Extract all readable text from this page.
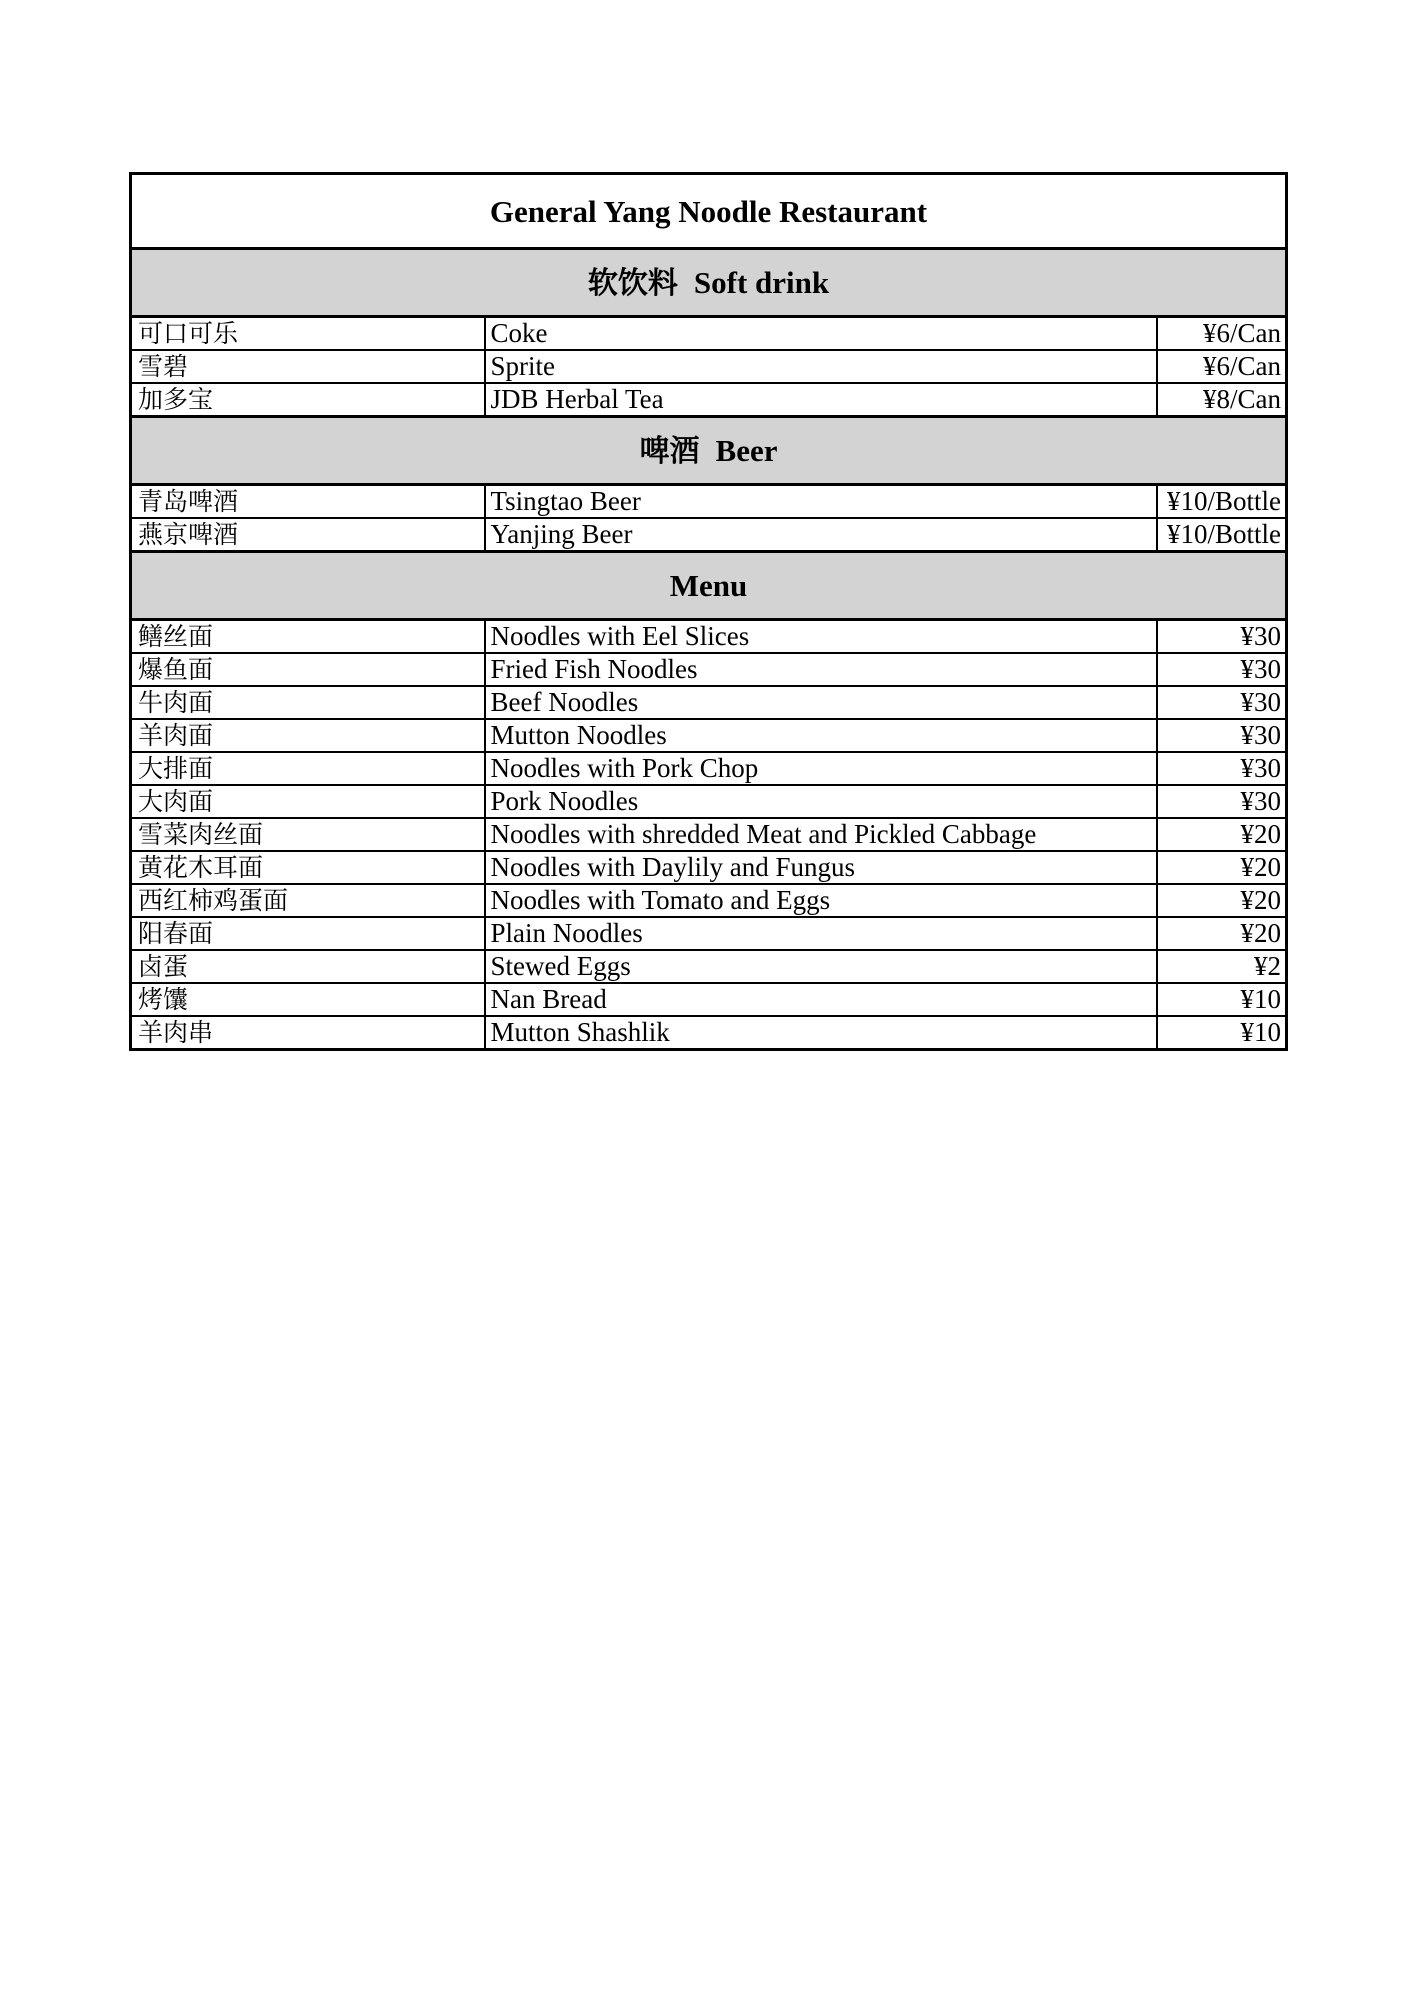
General Yang Noodle Restaurant		
软饮料 Soft drink		
可口可乐	Coke	¥6/Can
雪碧	Sprite	¥6/Can
加多宝	JDB Herbal Tea	¥8/Can
啤酒 Beer		
青岛啤酒	Tsingtao Beer	¥10/Bottle
燕京啤酒	Yanjing Beer	¥10/Bottle
Menu		
鳝丝面	Noodles with Eel Slices	¥30
爆鱼面	Fried Fish Noodles	¥30
牛肉面	Beef Noodles	¥30
羊肉面	Mutton Noodles	¥30
大排面	Noodles with Pork Chop	¥30
大肉面	Pork Noodles	¥30
雪菜肉丝面	Noodles with shredded Meat and Pickled Cabbage	¥20
黄花木耳面	Noodles with Daylily and Fungus	¥20
西红柿鸡蛋面	Noodles with Tomato and Eggs	¥20
阳春面	Plain Noodles	¥20
卤蛋	Stewed Eggs	¥2
烤馕	Nan Bread	¥10
羊肉串	Mutton Shashlik	¥10
